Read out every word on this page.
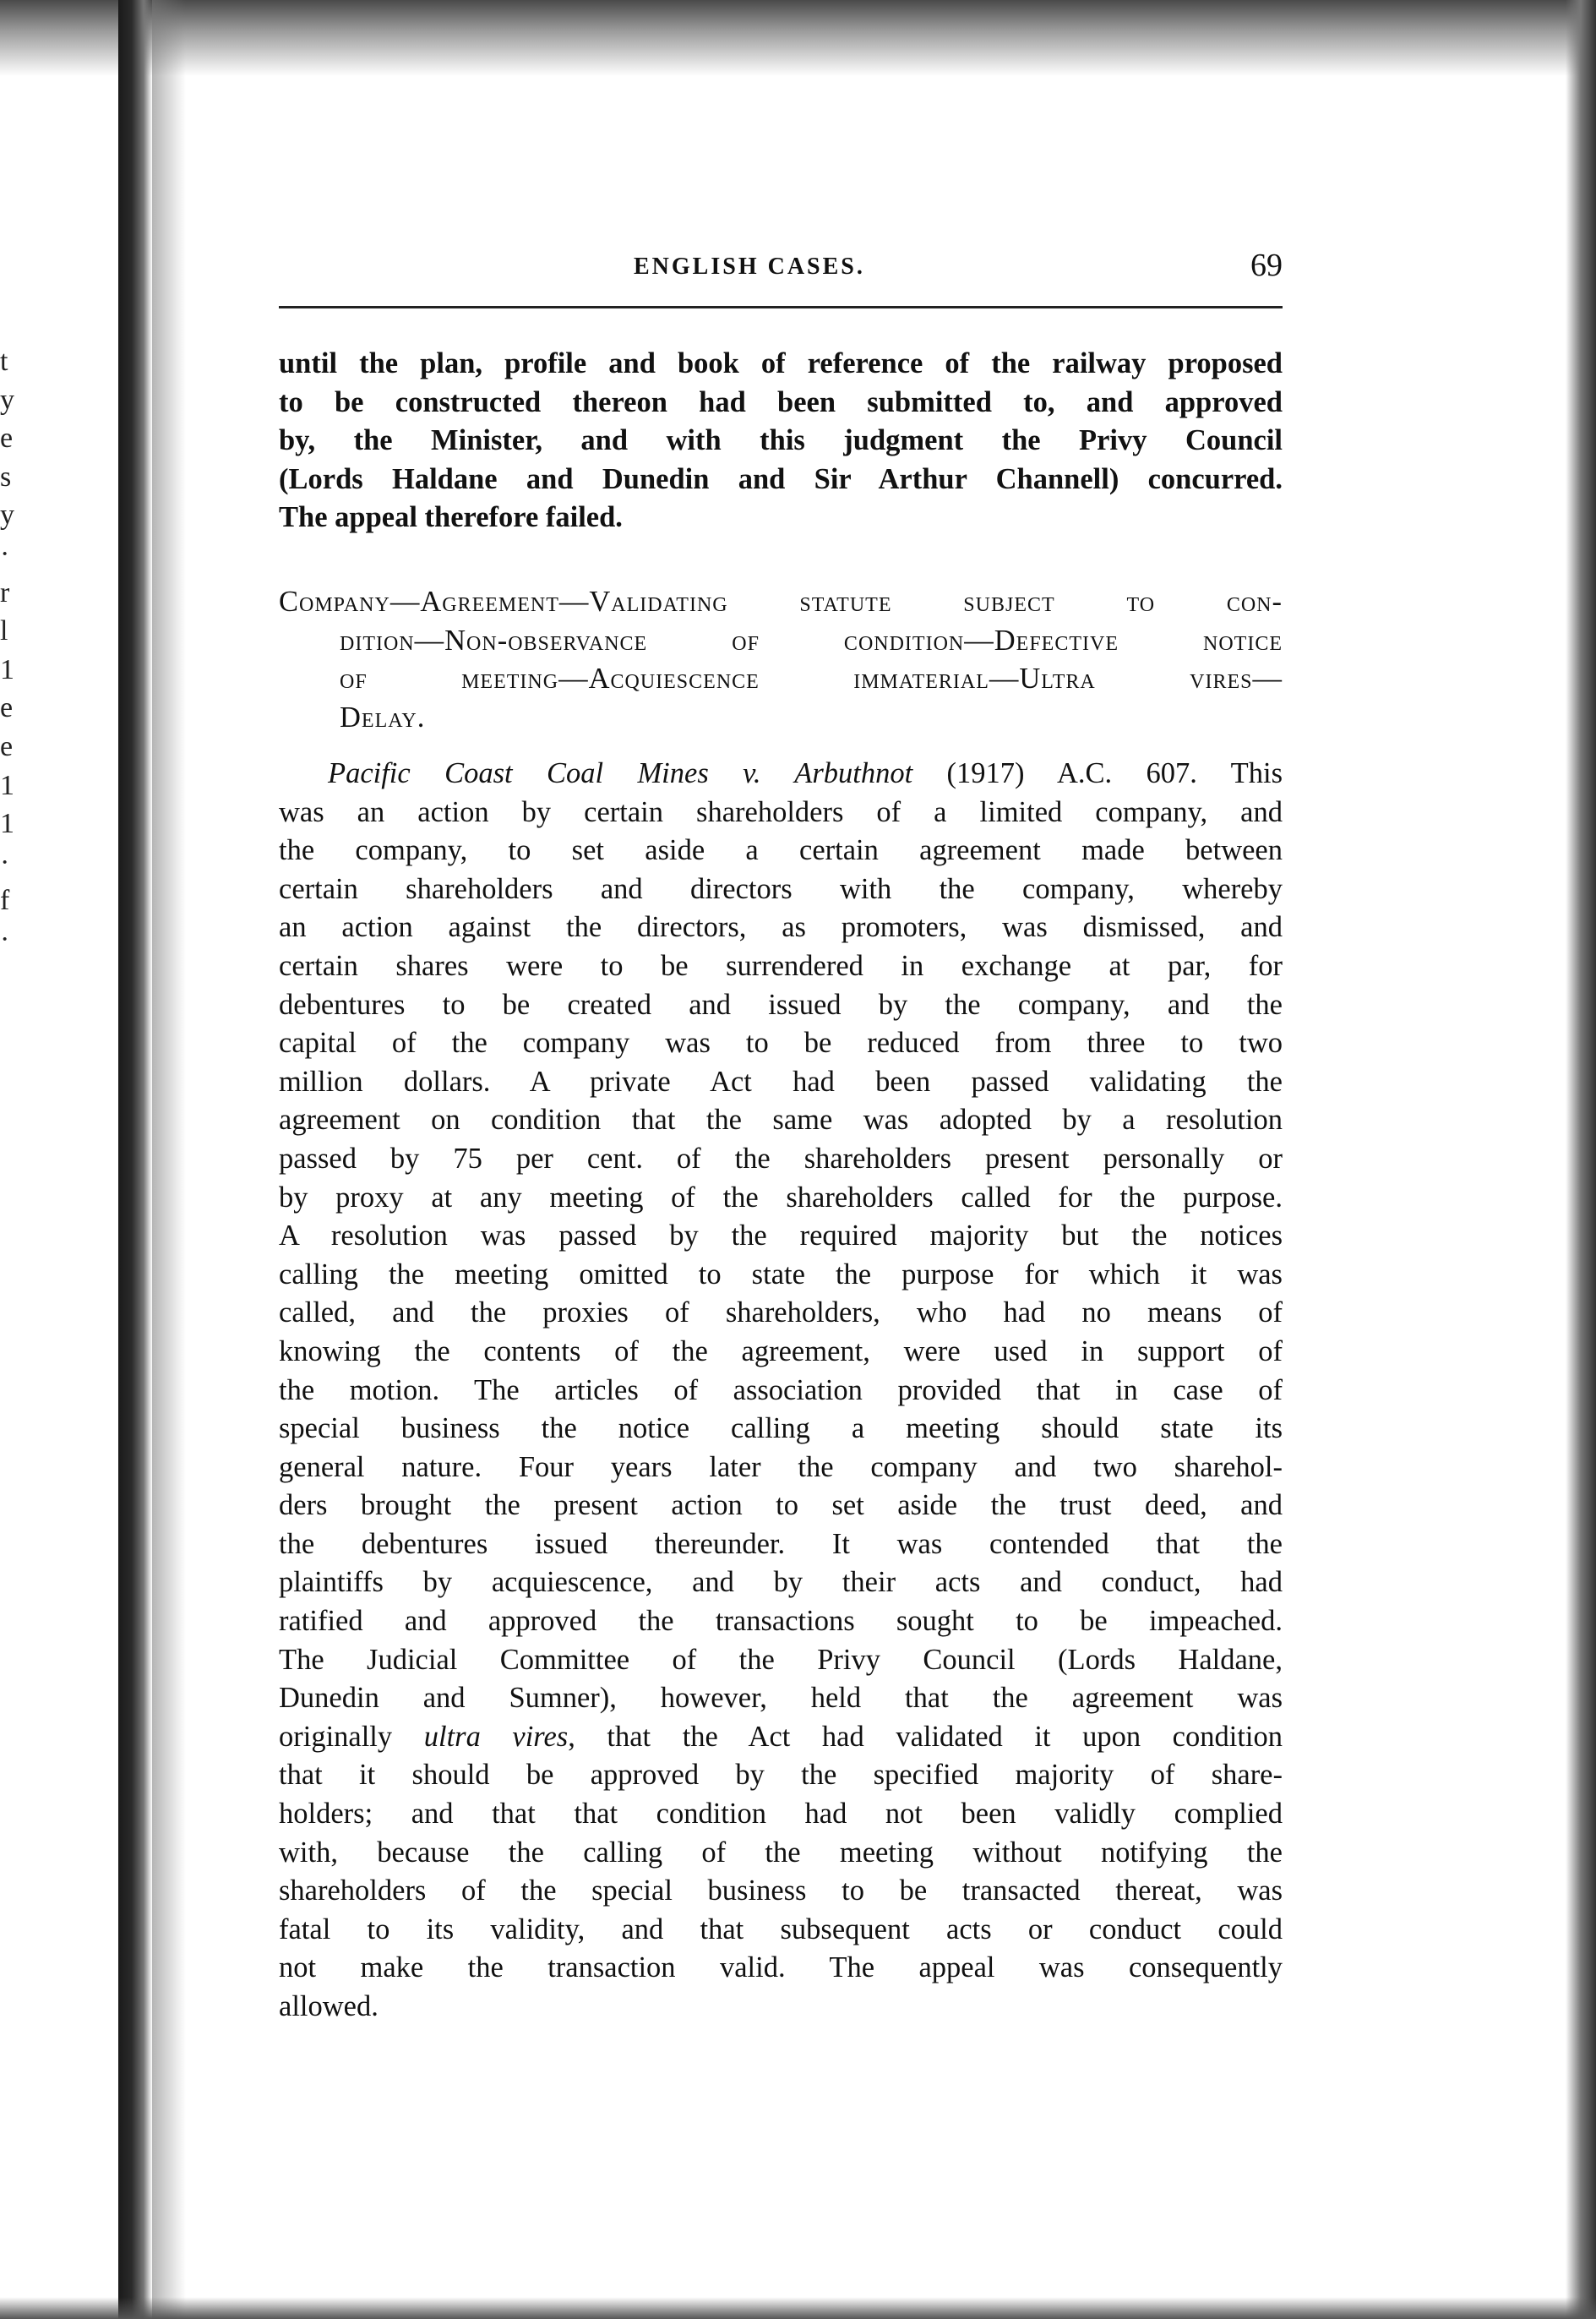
t
y
e
s
y
·
r
l
1
e
e
1
1
·
f
·
ENGLISH CASES.	69
until the plan, profile and book of reference of the railway proposed
to be constructed thereon had been submitted to, and approved
by, the Minister, and with this judgment the Privy Council
(Lords Haldane and Dunedin and Sir Arthur Channell) concurred.
The appeal therefore failed.
Company—Agreement—Validating statute subject to con-
dition—Non-observance of condition—Defective notice
of meeting—Acquiescence immaterial—Ultra vires—
Delay.
Pacific Coast Coal Mines v. Arbuthnot (1917) A.C. 607. This
was an action by certain shareholders of a limited company, and
the company, to set aside a certain agreement made between
certain shareholders and directors with the company, whereby
an action against the directors, as promoters, was dismissed, and
certain shares were to be surrendered in exchange at par, for
debentures to be created and issued by the company, and the
capital of the company was to be reduced from three to two
million dollars. A private Act had been passed validating the
agreement on condition that the same was adopted by a resolution
passed by 75 per cent. of the shareholders present personally or
by proxy at any meeting of the shareholders called for the purpose.
A resolution was passed by the required majority but the notices
calling the meeting omitted to state the purpose for which it was
called, and the proxies of shareholders, who had no means of
knowing the contents of the agreement, were used in support of
the motion. The articles of association provided that in case of
special business the notice calling a meeting should state its
general nature. Four years later the company and two sharehol-
ders brought the present action to set aside the trust deed, and
the debentures issued thereunder. It was contended that the
plaintiffs by acquiescence, and by their acts and conduct, had
ratified and approved the transactions sought to be impeached.
The Judicial Committee of the Privy Council (Lords Haldane,
Dunedin and Sumner), however, held that the agreement was
originally ultra vires, that the Act had validated it upon condition
that it should be approved by the specified majority of share-
holders; and that that condition had not been validly complied
with, because the calling of the meeting without notifying the
shareholders of the special business to be transacted thereat, was
fatal to its validity, and that subsequent acts or conduct could
not make the transaction valid. The appeal was consequently
allowed.
